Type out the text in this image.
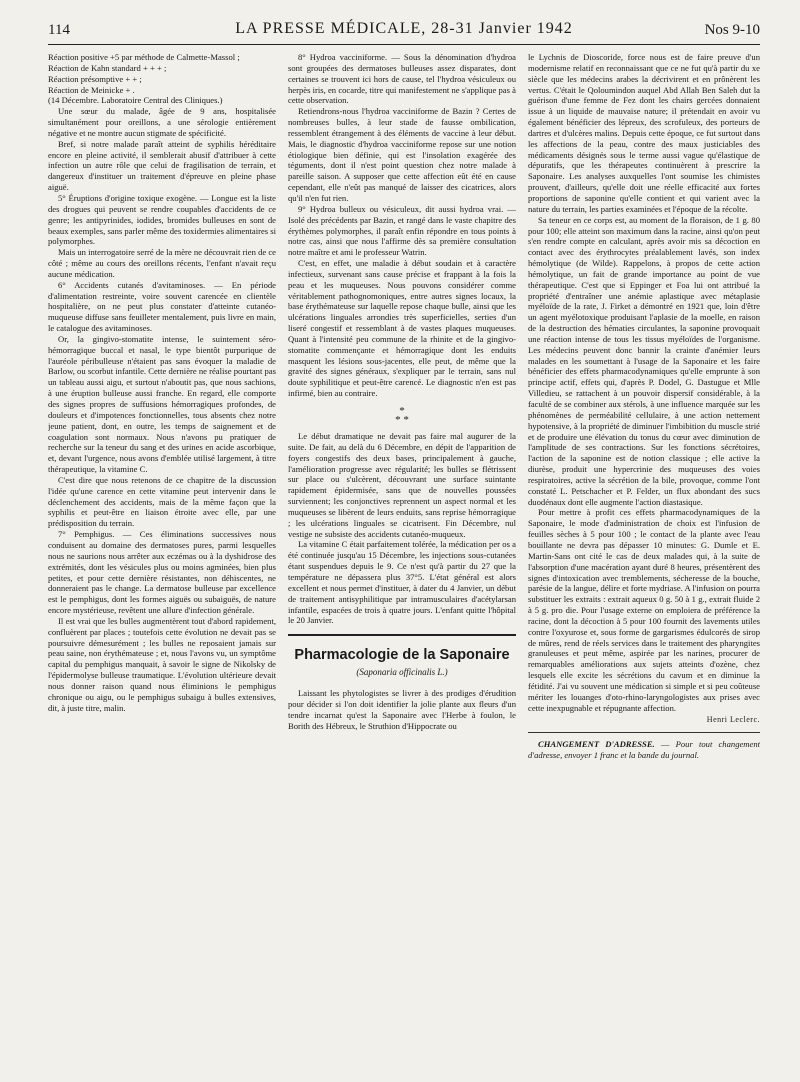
114	LA PRESSE MÉDICALE, 28-31 Janvier 1942	Nos 9-10

Réaction positive +5 par méthode de Calmette-Massol ;

Réaction de Kahn standard + + + ;

Réaction présomptive + + ;

Réaction de Meinicke + .

(14 Décembre. Laboratoire Central des Cliniques.)

Une sœur du malade, âgée de 9 ans, hospitalisée simultanément pour oreillons, a une sérologie entièrement négative et ne montre aucun stigmate de spécificité.

Bref, si notre malade paraît atteint de syphilis héréditaire encore en pleine activité, il semblerait abusif d'attribuer à cette infection un autre rôle que celui de fragilisation de terrain, et dangereux d'instituer un traitement d'épreuve en pleine phase aiguë.

5° Éruptions d'origine toxique exogène. — Longue est la liste des drogues qui peuvent se rendre coupables d'accidents de ce genre; les antipyrinides, iodides, bromides bulleuses en sont de beaux exemples, sans parler même des toxidermies alimentaires si polymorphes.

Mais un interrogatoire serré de la mère ne découvrait rien de ce côté ; même au cours des oreillons récents, l'enfant n'avait reçu aucune médication.

6° Accidents cutanés d'avitaminoses. — En période d'alimentation restreinte, voire souvent carencée en clientèle hospitalière, on ne peut plus constater d'atteinte cutanéo-muqueuse diffuse sans feuilleter mentalement, puis livre en main, le catalogue des avitaminoses.

Or, la gingivo-stomatite intense, le suintement séro-hémorragique buccal et nasal, le type bientôt purpurique de l'auréole péribulleuse n'étaient pas sans évoquer la maladie de Barlow, ou scorbut infantile. Cette dernière ne réalise pourtant pas un tableau aussi aigu, et surtout n'aboutit pas, que nous sachions, à une éruption bulleuse aussi franche. En regard, elle comporte des signes propres de suffusions hémorragiques profondes, de douleurs et d'impotences fonctionnelles, tous absents chez notre jeune patient, dont, en outre, les temps de saignement et de coagulation sont normaux. Nous n'avons pu pratiquer de recherche sur la teneur du sang et des urines en acide ascorbique, et, devant l'urgence, nous avons d'emblée utilisé largement, à titre thérapeutique, la vitamine C.

C'est dire que nous retenons de ce chapitre de la discussion l'idée qu'une carence en cette vitamine peut intervenir dans le déclenchement des accidents, mais de la même façon que la syphilis et peut-être en liaison étroite avec elle, par une prédisposition du terrain.

7° Pemphigus. — Ces éliminations successives nous conduisent au domaine des dermatoses pures, parmi lesquelles nous ne saurions nous arrêter aux eczémas ou à la dyshidrose des extrémités, dont les vésicules plus ou moins agminées, bien plus petites, et pour cette dernière résistantes, non déhiscentes, ne donneraient pas le change. La dermatose bulleuse par excellence est le pemphigus, dont les formes aiguës ou subaiguës, de nature encore mystérieuse, revêtent une allure d'infection générale.

Il est vrai que les bulles augmentèrent tout d'abord rapidement, confluèrent par places ; toutefois cette évolution ne devait pas se poursuivre démesurément ; les bulles ne reposaient jamais sur peau saine, non érythémateuse ; et, nous l'avons vu, un symptôme capital du pemphigus manquait, à savoir le signe de Nikolsky de l'épidermolyse bulleuse traumatique. L'évolution ultérieure devait nous donner raison quand nous éliminions le pemphigus chronique ou aigu, ou le pemphigus subaigu à bulles extensives, dit, à juste titre, malin.

8° Hydroa vacciniforme. — Sous la dénomination d'hydroa sont groupées des dermatoses bulleuses assez disparates, dont certaines se trouvent ici hors de cause, tel l'hydroa vésiculeux ou herpès iris, en cocarde, titre qui manifestement ne s'applique pas à cette observation.

Retiendrons-nous l'hydroa vacciniforme de Bazin ? Certes de nombreuses bulles, à leur stade de fausse ombilication, ressemblent étrangement à des éléments de vaccine à leur début. Mais, le diagnostic d'hydroa vacciniforme repose sur une notion étiologique bien définie, qui est l'insolation exagérée des téguments, dont il n'est point question chez notre malade à pareille saison. A supposer que cette affection eût été en cause cependant, elle n'eût pas manqué de laisser des cicatrices, alors qu'il n'en fut rien.

9° Hydroa bulleux ou vésiculeux, dit aussi hydroa vrai. — Isolé des précédents par Bazin, et rangé dans le vaste chapitre des érythèmes polymorphes, il paraît enfin répondre en tous points à notre cas, ainsi que nous l'affirme dès sa première consultation notre maître et ami le professeur Watrin.

C'est, en effet, une maladie à début soudain et à caractère infectieux, survenant sans cause précise et frappant à la fois la peau et les muqueuses. Nous pouvons considérer comme véritablement pathognomoniques, entre autres signes locaux, la base érythémateuse sur laquelle repose chaque bulle, ainsi que les ulcérations linguales arrondies très superficielles, serties d'un liseré congestif et ressemblant à de vastes plaques muqueuses. Quant à l'intensité peu commune de la rhinite et de la gingivo-stomatite commençante et hémorragique dont les enduits masquent les lésions sous-jacentes, elle peut, de même que la gravité des signes généraux, s'expliquer par le terrain, sans nul doute syphilitique et peut-être carencé. Le diagnostic n'en est pas infirmé, bien au contraire.

*
* *

Le début dramatique ne devait pas faire mal augurer de la suite. De fait, au delà du 6 Décembre, en dépit de l'apparition de foyers congestifs des deux bases, principalement à gauche, l'amélioration progresse avec régularité; les bulles se flétrissent sur place ou s'ulcèrent, découvrant une surface suintante rapidement épidermisée, sans que de nouvelles poussées surviennent; les conjonctives reprennent un aspect normal et les muqueuses se libèrent de leurs enduits, sans reprise hémorragique ; les ulcérations linguales se cicatrisent. Fin Décembre, nul vestige ne subsiste des accidents cutanéo-muqueux.

La vitamine C était parfaitement tolérée, la médication per os a été continuée jusqu'au 15 Décembre, les injections sous-cutanées étant suspendues depuis le 9. Ce n'est qu'à partir du 27 que la température ne dépassera plus 37°5. L'état général est alors excellent et nous permet d'instituer, à dater du 4 Janvier, un début de traitement antisyphilitique par intramusculaires d'acétylarsan infantile, espacées de trois à quatre jours. L'enfant quitte l'hôpital le 20 Janvier.

Pharmacologie de la Saponaire
(Saponaria officinalis L.)

Laissant les phytologistes se livrer à des prodiges d'érudition pour décider si l'on doit identifier la jolie plante aux fleurs d'un tendre incarnat qu'est la Saponaire avec l'Herbe à foulon, le Borith des Hébreux, le Struthion d'Hippocrate ou

le Lychnis de Dioscoride, force nous est de faire preuve d'un modernisme relatif en reconnaissant que ce ne fut qu'à partir du xe siècle que les médecins arabes la décrivirent et en prônèrent les vertus. C'était le Qoloumindon auquel Abd Allah Ben Saleh dut la guérison d'une femme de Fez dont les chairs gercées donnaient issue à un liquide de mauvaise nature; il prétendait en avoir vu également bénéficier des lépreux, des scrofuleux, des porteurs de dartres et d'ulcères malins. Depuis cette époque, ce fut surtout dans les affections de la peau, contre des maux justiciables des médicaments désignés sous le terme aussi vague qu'élastique de dépuratifs, que les thérapeutes continuèrent à prescrire la Saponaire. Les analyses auxquelles l'ont soumise les chimistes prouvent, d'ailleurs, qu'elle doit une réelle efficacité aux fortes proportions de saponine qu'elle contient et qui varient avec la nature du terrain, les parties examinées et l'époque de la récolte.

Sa teneur en ce corps est, au moment de la floraison, de 1 g. 80 pour 100; elle atteint son maximum dans la racine, ainsi qu'on peut s'en rendre compte en calculant, après avoir mis sa décoction en contact avec des érythrocytes préalablement lavés, son index hémolytique (de Wilde). Rappelons, à propos de cette action hémolytique, un fait de grande importance au point de vue thérapeutique. C'est que si Eppinger et Foa lui ont attribué la propriété d'entraîner une anémie aplastique avec métaplasie myéloïde de la rate, J. Firket a démontré en 1921 que, loin d'être un agent myélotoxique produisant l'aplasie de la moelle, en raison de la destruction des hématies circulantes, la saponine provoquait une réaction intense de tous les tissus myéloïdes de l'organisme. Les médecins peuvent donc bannir la crainte d'anémier leurs malades en les soumettant à l'usage de la Saponaire et les faire bénéficier des effets pharmacodynamiques qu'elle emprunte à son principe actif, effets qui, d'après P. Dodel, G. Dastugue et Mlle Villedieu, se rattachent à un pouvoir dispersif considérable, à la faculté de se combiner aux stérols, à une influence marquée sur les phénomènes de perméabilité cellulaire, à une action nettement hypotensive, à la propriété de diminuer l'imbibition du muscle strié et de produire une élévation du tonus du cœur avec diminution de l'amplitude de ses contractions. Sur les fonctions sécrétoires, l'action de la saponine est de notion classique ; elle active la diurèse, produit une hypercrinie des muqueuses des voies respiratoires, active la sécrétion de la bile, provoque, comme l'ont constaté L. Petschacher et P. Felder, un flux abondant des sucs duodénaux dont elle augmente l'action diastasique.

Pour mettre à profit ces effets pharmacodynamiques de la Saponaire, le mode d'administration de choix est l'infusion de feuilles sèches à 5 pour 100 ; le contact de la plante avec l'eau bouillante ne devra pas dépasser 10 minutes: G. Dumle et E. Martin-Sans ont cité le cas de deux malades qui, à la suite de l'absorption d'une macération ayant duré 8 heures, présentèrent des signes d'intoxication avec tremblements, sécheresse de la bouche, parésie de la langue, délire et forte mydriase. A l'infusion on pourra substituer les extraits : extrait aqueux 0 g. 50 à 1 g., extrait fluide 2 à 5 g. pro die. Pour l'usage externe on emploiera de préférence la racine, dont la décoction à 5 pour 100 fournit des lavements utiles contre l'oxyurose et, sous forme de gargarismes édulcorés de sirop de mûres, rend de réels services dans le traitement des pharyngites granuleuses et peut même, aspirée par les narines, procurer de remarquables améliorations aux sujets atteints d'ozène, chez lesquels elle excite les sécrétions du cavum et en diminue la fétidité. J'ai vu souvent une médication si simple et si peu coûteuse mériter les louanges d'oto-rhino-laryngologistes aux prises avec cette inexpugnable et répugnante affection.

Henri Leclerc.

CHANGEMENT D'ADRESSE. — Pour tout changement d'adresse, envoyer 1 franc et la bande du journal.
